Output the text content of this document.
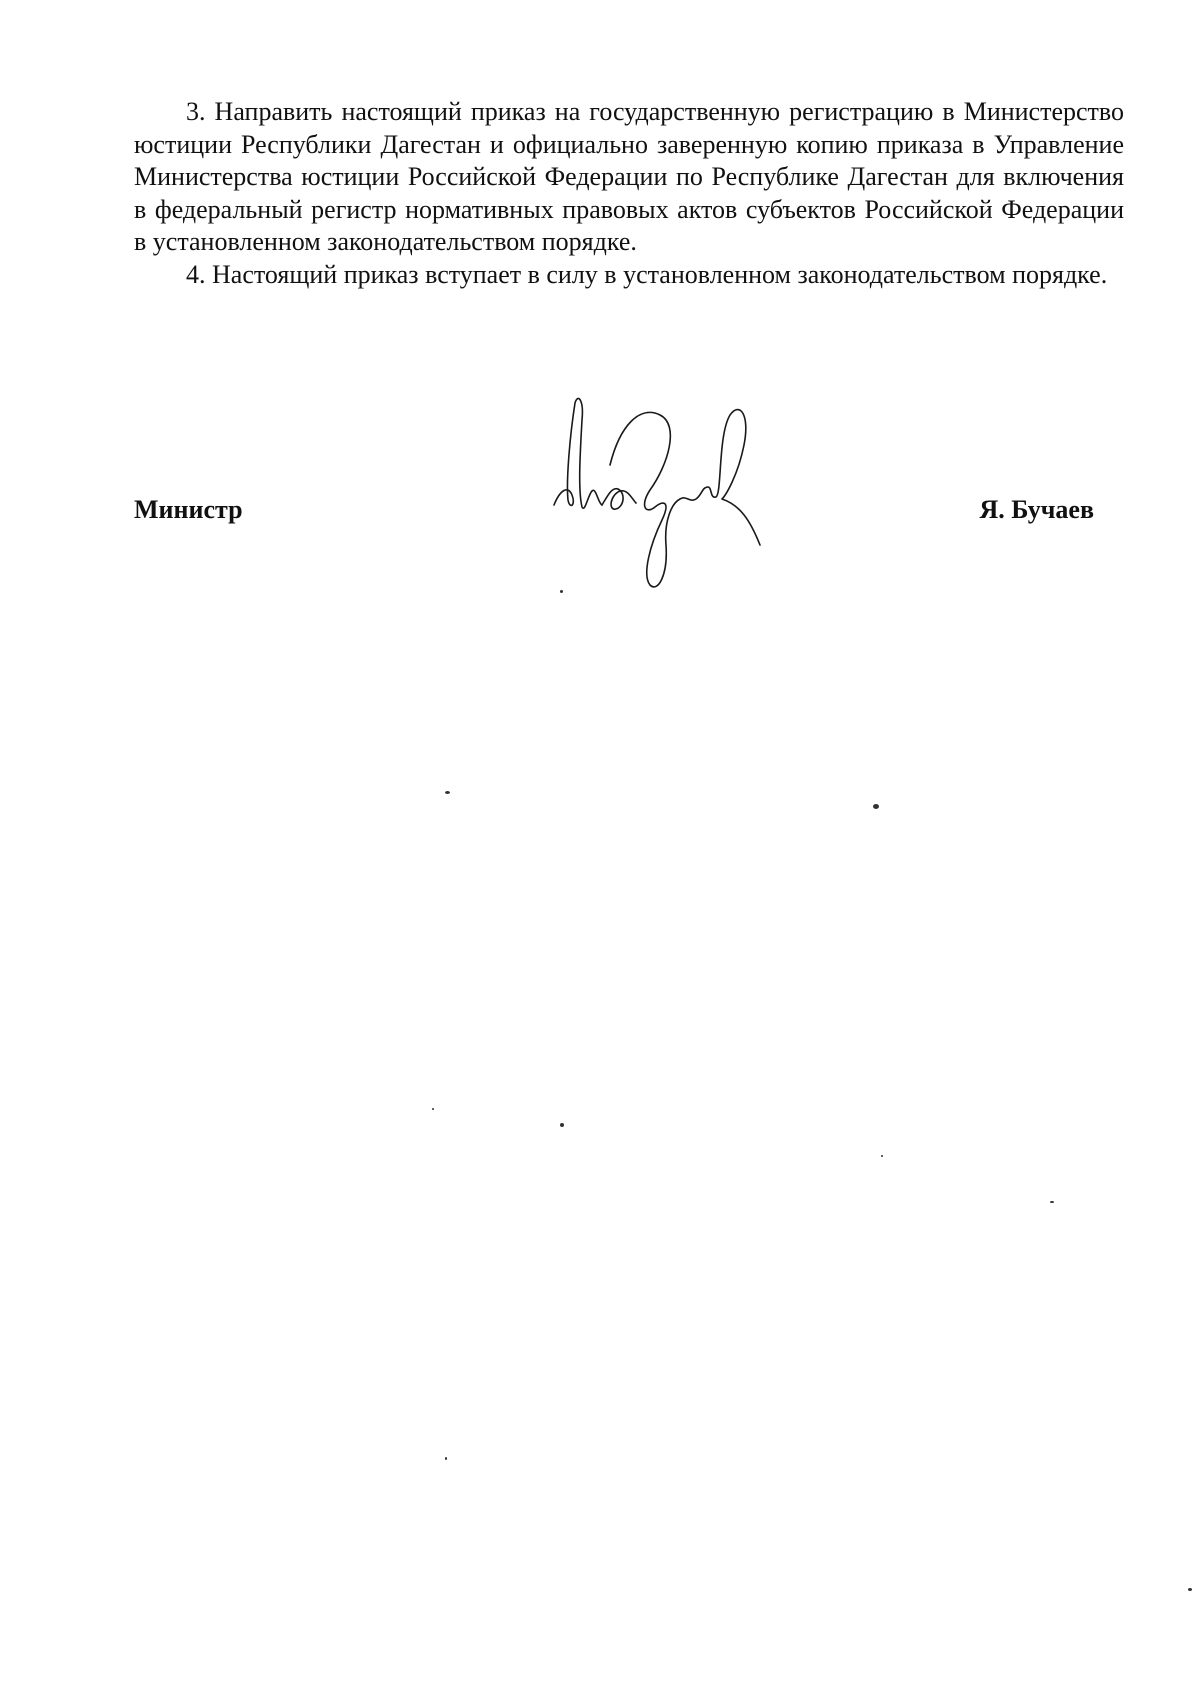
3. Направить настоящий приказ на государственную регистрацию в Министерство юстиции Республики Дагестан и официально заверенную копию приказа в Управление Министерства юстиции Российской Федерации по Республике Дагестан для включения в федеральный регистр нормативных правовых актов субъектов Российской Федерации в установленном законодательством порядке.

4. Настоящий приказ вступает в силу в установленном законодательством порядке.

Министр	Я. Бучаев
